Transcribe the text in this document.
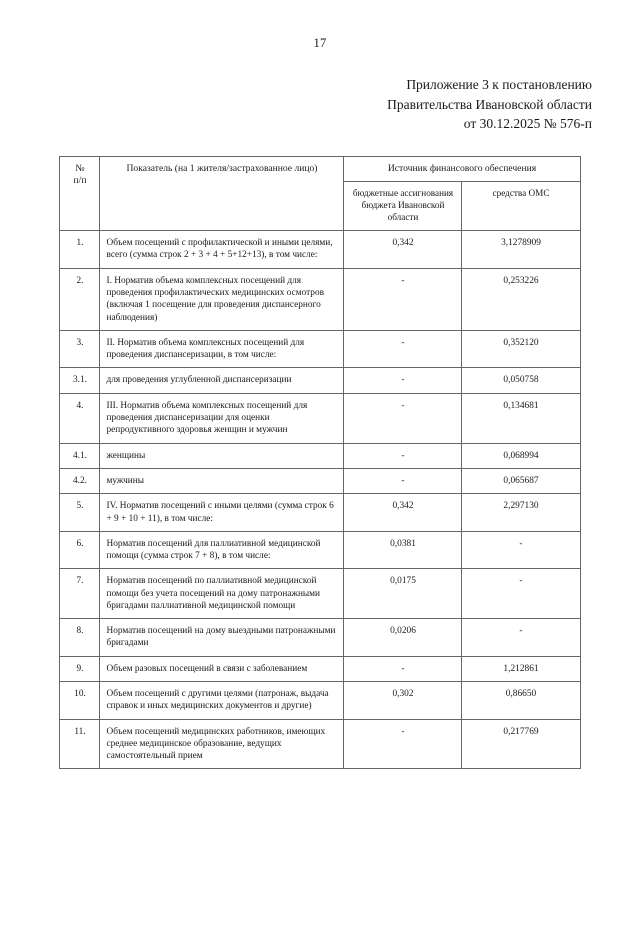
17
Приложение 3 к постановлению
Правительства Ивановской области
от 30.12.2025 № 576-п
№
п/п	Показатель (на 1 жителя/застрахованное лицо)	Источник финансового обеспечения	
		бюджетные ассигнования бюджета Ивановской области	средства ОМС
1.	Объем посещений с профилактической и иными целями, всего (сумма строк 2 + 3 + 4 + 5+12+13), в том числе:	0,342	3,1278909
2.	I. Норматив объема комплексных посещений для проведения профилактических медицинских осмотров (включая 1 посещение для проведения диспансерного наблюдения)	-	0,253226
3.	II. Норматив объема комплексных посещений для проведения диспансеризации, в том числе:	-	0,352120
3.1.	для проведения углубленной диспансеризации	-	0,050758
4.	III. Норматив объема комплексных посещений для проведения диспансеризации для оценки репродуктивного здоровья женщин и мужчин	-	0,134681
4.1.	женщины	-	0,068994
4.2.	мужчины	-	0,065687
5.	IV. Норматив посещений с иными целями (сумма строк 6 + 9 + 10 + 11), в том числе:	0,342	2,297130
6.	Норматив посещений для паллиативной медицинской помощи (сумма строк 7 + 8), в том числе:	0,0381	-
7.	Норматив посещений по паллиативной медицинской помощи без учета посещений на дому патронажными бригадами паллиативной медицинской помощи	0,0175	-
8.	Норматив посещений на дому выездными патронажными бригадами	0,0206	-
9.	Объем разовых посещений в связи с заболеванием	-	1,212861
10.	Объем посещений с другими целями (патронаж, выдача справок и иных медицинских документов и другие)	0,302	0,86650
11.	Объем посещений медицинских работников, имеющих среднее медицинское образование, ведущих самостоятельный прием	-	0,217769
